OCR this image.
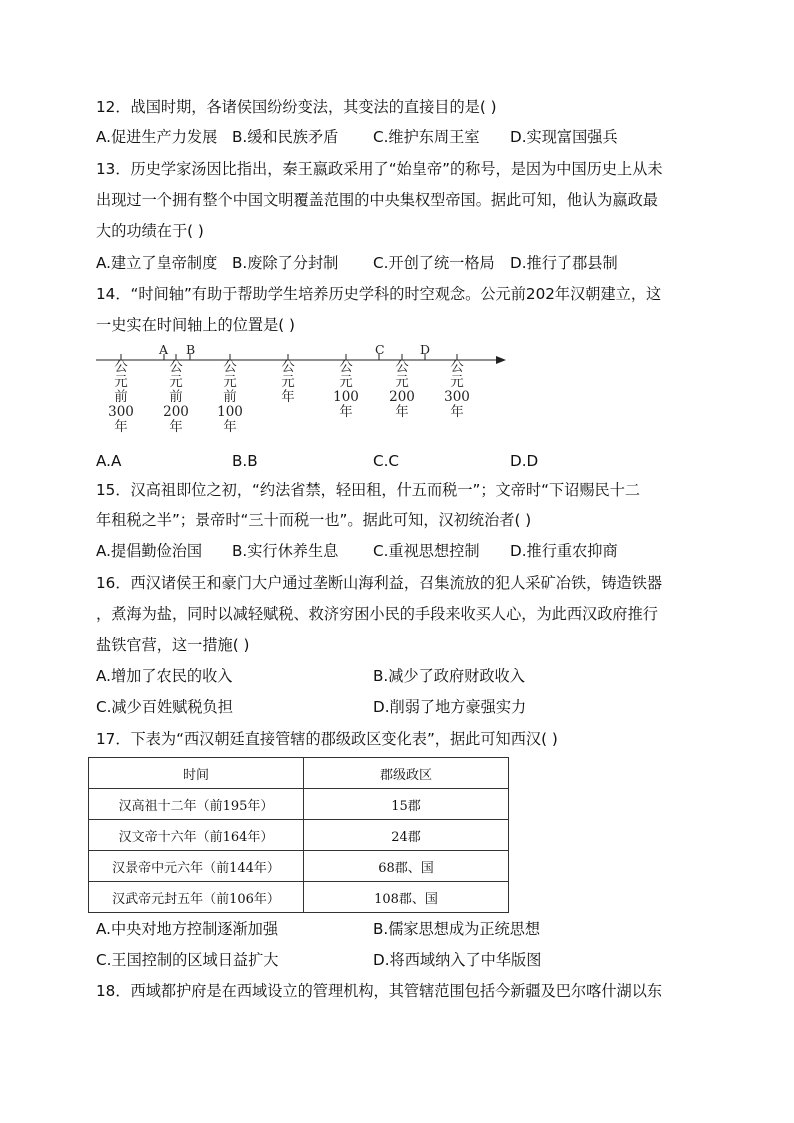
12．战国时期，各诸侯国纷纷变法，其变法的直接目的是( )
A.促进生产力发展 B.缓和民族矛盾 C.维护东周王室 D.实现富国强兵
13．历史学家汤因比指出，秦王嬴政采用了“始皇帝”的称号，是因为中国历史上从未
出现过一个拥有整个中国文明覆盖范围的中央集权型帝国。据此可知，他认为嬴政最
大的功绩在于( )
A.建立了皇帝制度 B.废除了分封制 C.开创了统一格局 D.推行了郡县制
14．“时间轴”有助于帮助学生培养历史学科的时空观念。公元前202年汉朝建立，这
一史实在时间轴上的位置是( )
A B	C	D
公
元
前
300
年
公
元
前
200
年
公
元
前
100
年
公
元
年
公
元
100
年
公
元
200
年
公
元
300
年
A.A	B.B	C.C	D.D
15．汉高祖即位之初，“约法省禁，轻田租，什五而税一”；文帝时“下诏赐民十二
年租税之半”；景帝时“三十而税一也”。据此可知，汉初统治者( )
A.提倡勤俭治国 B.实行休养生息 C.重视思想控制 D.推行重农抑商
16．西汉诸侯王和豪门大户通过垄断山海利益，召集流放的犯人采矿冶铁，铸造铁器
，煮海为盐，同时以减轻赋税、救济穷困小民的手段来收买人心，为此西汉政府推行
盐铁官营，这一措施( )
A.增加了农民的收入	B.减少了政府财政收入
C.减少百姓赋税负担	D.削弱了地方豪强实力
17．下表为“西汉朝廷直接管辖的郡级政区变化表”，据此可知西汉( )
时间	郡级政区
汉高祖十二年（前195年）	15郡
汉文帝十六年（前164年）	24郡
汉景帝中元六年（前144年）	68郡、国
汉武帝元封五年（前106年）	108郡、国
A.中央对地方控制逐渐加强	B.儒家思想成为正统思想
C.王国控制的区域日益扩大	D.将西域纳入了中华版图
18．西域都护府是在西域设立的管理机构，其管辖范围包括今新疆及巴尔喀什湖以东
